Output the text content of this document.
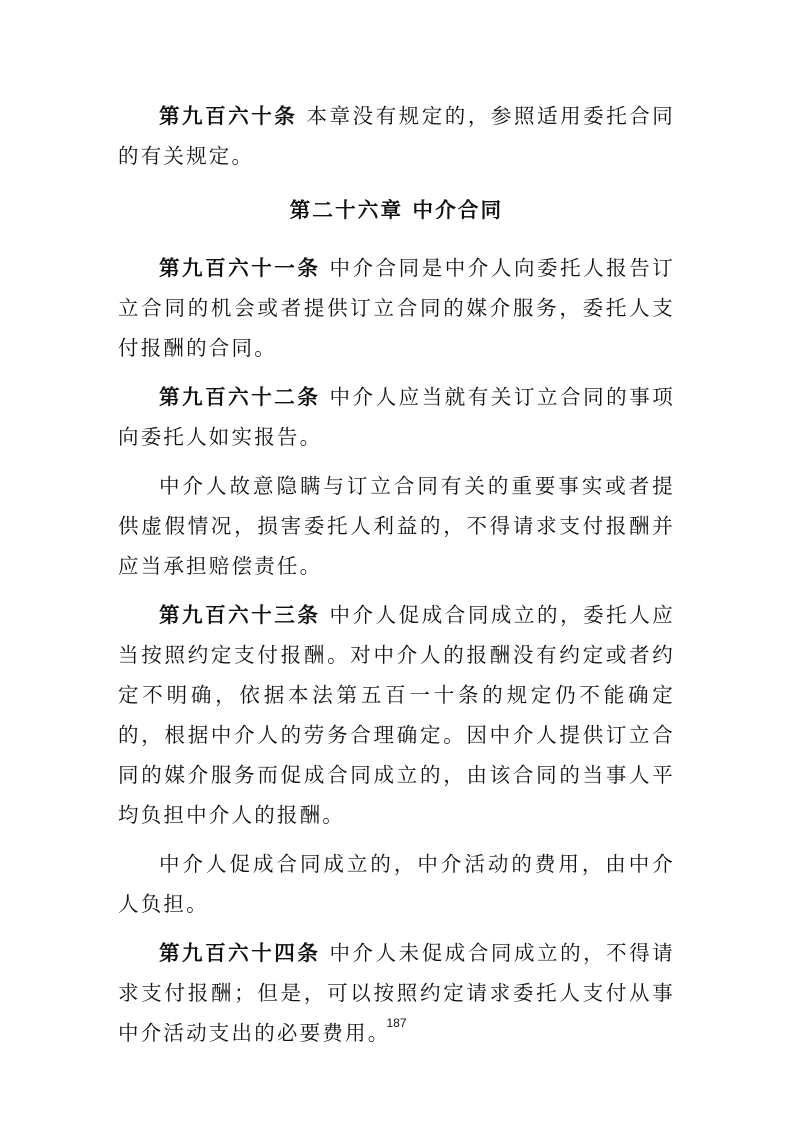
第九百六十条 本章没有规定的，参照适用委托合同的有关规定。

第二十六章 中介合同

第九百六十一条 中介合同是中介人向委托人报告订立合同的机会或者提供订立合同的媒介服务，委托人支付报酬的合同。

第九百六十二条 中介人应当就有关订立合同的事项向委托人如实报告。

中介人故意隐瞒与订立合同有关的重要事实或者提供虚假情况，损害委托人利益的，不得请求支付报酬并应当承担赔偿责任。

第九百六十三条 中介人促成合同成立的，委托人应当按照约定支付报酬。对中介人的报酬没有约定或者约定不明确，依据本法第五百一十条的规定仍不能确定的，根据中介人的劳务合理确定。因中介人提供订立合同的媒介服务而促成合同成立的，由该合同的当事人平均负担中介人的报酬。

中介人促成合同成立的，中介活动的费用，由中介人负担。

第九百六十四条 中介人未促成合同成立的，不得请求支付报酬；但是，可以按照约定请求委托人支付从事中介活动支出的必要费用。

187
